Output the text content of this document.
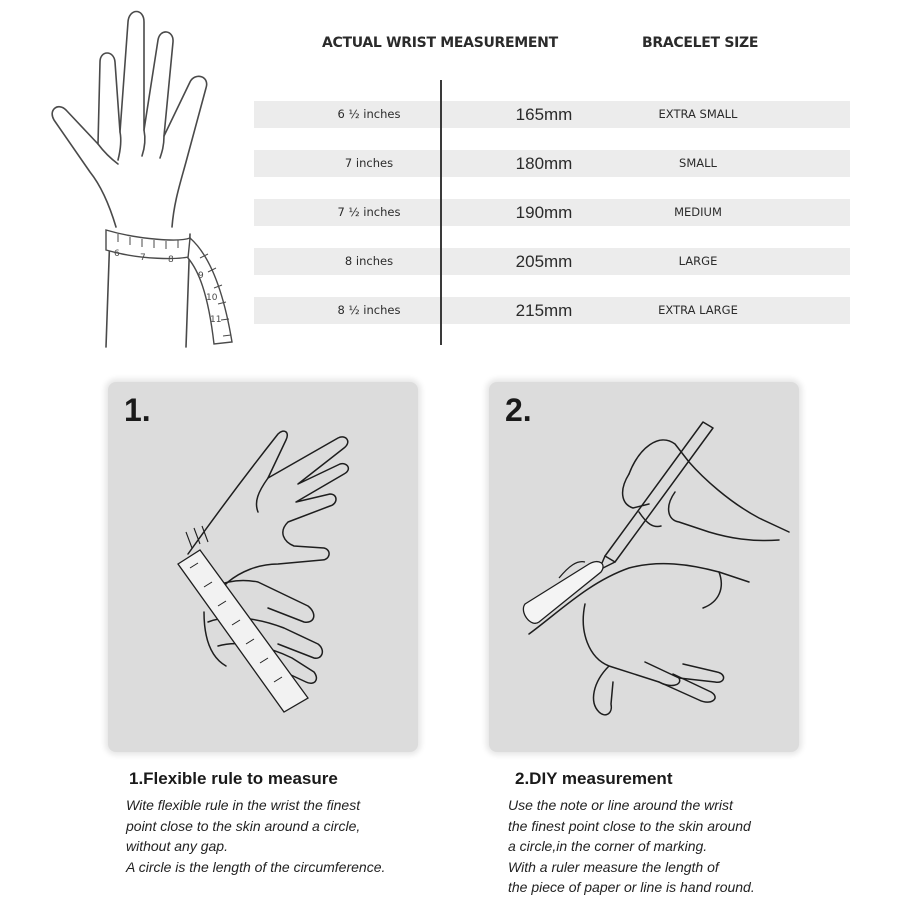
6 7 8
9
10
11
ACTUAL WRIST MEASUREMENT	BRACELET SIZE
6 ½ inches	165mm	EXTRA SMALL
7 inches	180mm	SMALL
7 ½ inches	190mm	MEDIUM
8 inches	205mm	LARGE
8 ½ inches	215mm	EXTRA LARGE
1.	2.
1.Flexible rule to measure
Wite flexible rule in the wrist the finest
point close to the skin around a circle,
without any gap.
A circle is the length of the circumference.
2.DIY measurement
Use the note or line around the wrist
the finest point close to the skin around
a circle,in the corner of marking.
With a ruler measure the length of
the piece of paper or line is hand round.
